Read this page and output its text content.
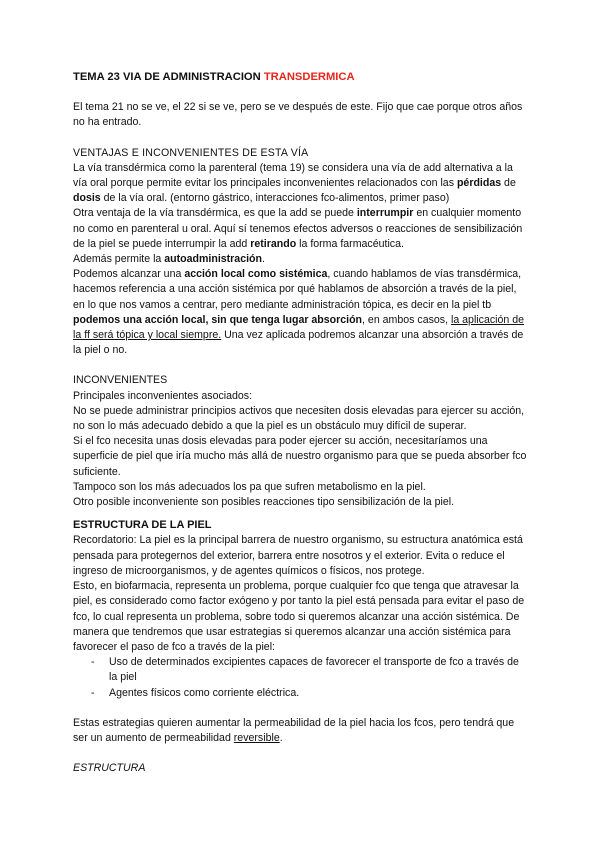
TEMA 23 VIA DE ADMINISTRACION TRANSDERMICA

El tema 21 no se ve, el 22 si se ve, pero se ve después de este. Fijo que cae porque otros años no ha entrado.

VENTAJAS E INCONVENIENTES DE ESTA VÍA

La vía transdérmica como la parenteral (tema 19) se considera una vía de add alternativa a la vía oral porque permite evitar los principales inconvenientes relacionados con las pérdidas de dosis de la vía oral. (entorno gástrico, interacciones fco-alimentos, primer paso)

Otra ventaja de la vía transdérmica, es que la add se puede interrumpir en cualquier momento no como en parenteral u oral. Aquí sí tenemos efectos adversos o reacciones de sensibilización de la piel se puede interrumpir la add retirando la forma farmacéutica.

Además permite la autoadministración.

Podemos alcanzar una acción local como sistémica, cuando hablamos de vías transdérmica, hacemos referencia a una acción sistémica por qué hablamos de absorción a través de la piel, en lo que nos vamos a centrar, pero mediante administración tópica, es decir en la piel tb podemos una acción local, sin que tenga lugar absorción, en ambos casos, la aplicación de la ff será tópica y local siempre. Una vez aplicada podremos alcanzar una absorción a través de la piel o no.

INCONVENIENTES

Principales inconvenientes asociados:

No se puede administrar principios activos que necesiten dosis elevadas para ejercer su acción, no son lo más adecuado debido a que la piel es un obstáculo muy difícil de superar.

Si el fco necesita unas dosis elevadas para poder ejercer su acción, necesitaríamos una superficie de piel que iría mucho más allá de nuestro organismo para que se pueda absorber fco suficiente.

Tampoco son los más adecuados los pa que sufren metabolismo en la piel.

Otro posible inconveniente son posibles reacciones tipo sensibilización de la piel.

ESTRUCTURA DE LA PIEL

Recordatorio: La piel es la principal barrera de nuestro organismo, su estructura anatómica está pensada para protegernos del exterior, barrera entre nosotros y el exterior. Evita o reduce el ingreso de microorganismos, y de agentes químicos o físicos, nos protege.

Esto, en biofarmacia, representa un problema, porque cualquier fco que tenga que atravesar la piel, es considerado como factor exógeno y por tanto la piel está pensada para evitar el paso de fco, lo cual representa un problema, sobre todo si queremos alcanzar una acción sistémica. De manera que tendremos que usar estrategias si queremos alcanzar una acción sistémica para favorecer el paso de fco a través de la piel:

- Uso de determinados excipientes capaces de favorecer el transporte de fco a través de la piel
- Agentes físicos como corriente eléctrica.

Estas estrategias quieren aumentar la permeabilidad de la piel hacia los fcos, pero tendrá que ser un aumento de permeabilidad reversible.

ESTRUCTURA
